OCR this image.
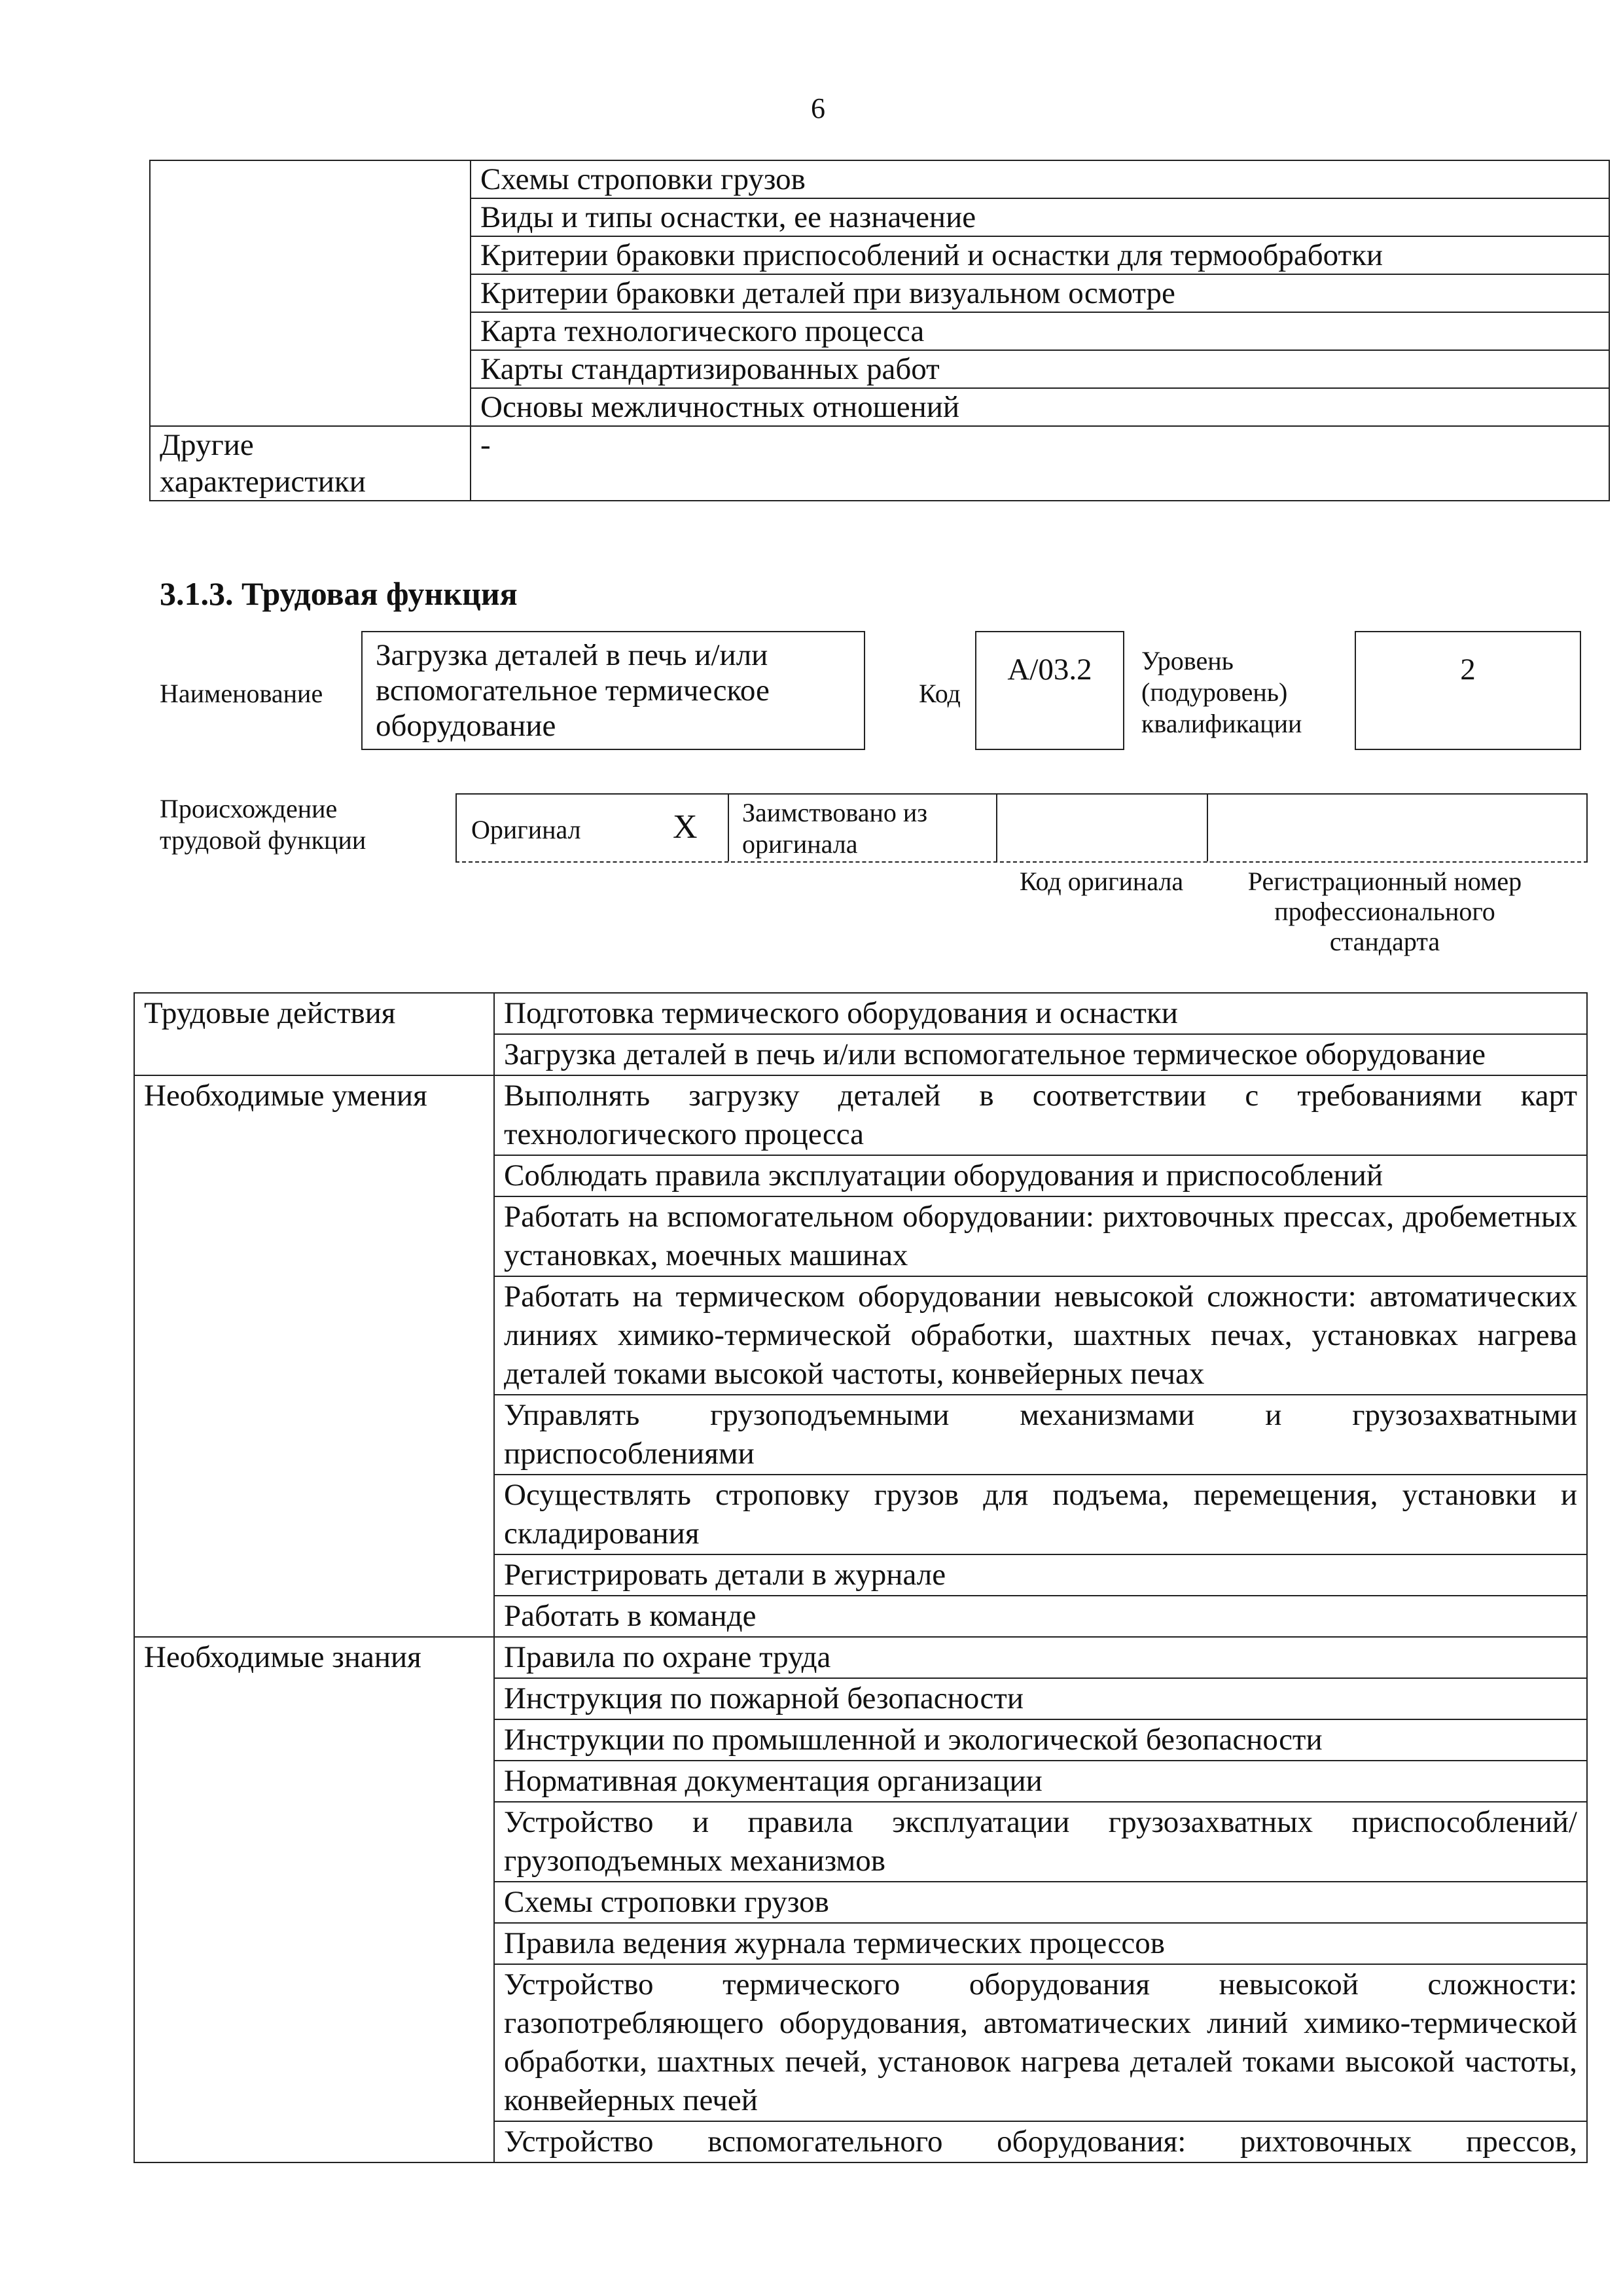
6
	Схемы строповки грузов
	Виды и типы оснастки, ее назначение
	Критерии браковки приспособлений и оснастки для термообработки
	Критерии браковки деталей при визуальном осмотре
	Карта технологического процесса
	Карты стандартизированных работ
	Основы межличностных отношений
Другие характеристики	-
3.1.3. Трудовая функция
Наименование
Загрузка деталей в печь и/или вспомогательное термическое оборудование
Код
А/03.2	Уровень (подуровень) квалификации
2
Происхождение трудовой функции	Оригинал	X Заимствовано из оригинала
Код оригинала	Регистрационный номер профессионального стандарта
Трудовые действия	Подготовка термического оборудования и оснастки
	Загрузка деталей в печь и/или вспомогательное термическое оборудование
Необходимые умения	Выполнять загрузку деталей в соответствии с требованиями карт технологического процесса
	Соблюдать правила эксплуатации оборудования и приспособлений
	Работать на вспомогательном оборудовании: рихтовочных прессах, дробеметных установках, моечных машинах
	Работать на термическом оборудовании невысокой сложности: автоматических линиях химико-термической обработки, шахтных печах, установках нагрева деталей токами высокой частоты, конвейерных печах
	Управлять грузоподъемными механизмами и грузозахватными приспособлениями
	Осуществлять строповку грузов для подъема, перемещения, установки и складирования
	Регистрировать детали в журнале
	Работать в команде
Необходимые знания	Правила по охране труда
	Инструкция по пожарной безопасности
	Инструкции по промышленной и экологической безопасности
	Нормативная документация организации
	Устройство и правила эксплуатации грузозахватных приспособлений/грузоподъемных механизмов
	Схемы строповки грузов
	Правила ведения журнала термических процессов
	Устройство термического оборудования невысокой сложности: газопотребляющего оборудования, автоматических линий химико-термической обработки, шахтных печей, установок нагрева деталей токами высокой частоты, конвейерных печей
	Устройство вспомогательного оборудования: рихтовочных прессов,
